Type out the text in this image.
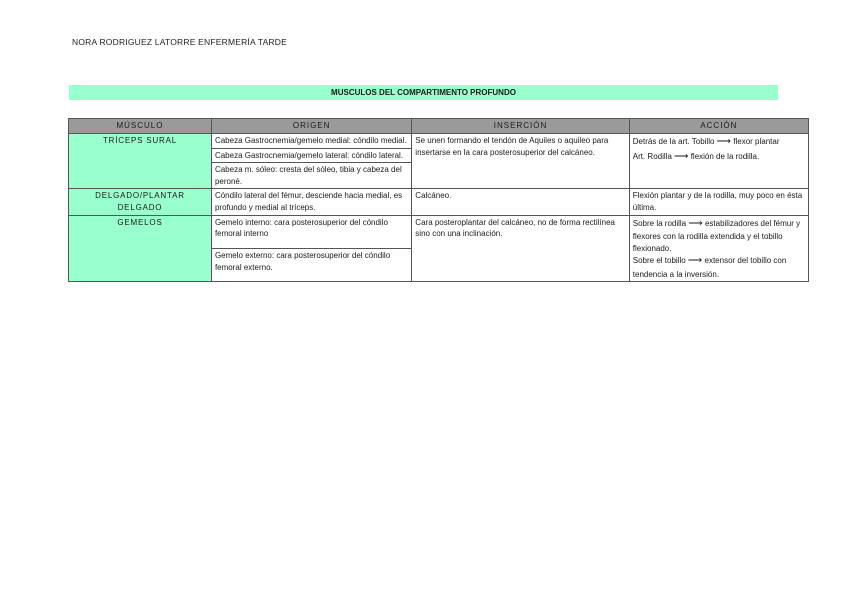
NORA RODRIGUEZ LATORRE ENFERMERÍA TARDE
MUSCULOS DEL COMPARTIMENTO PROFUNDO
MÚSCULO	ORIGEN	INSERCIÓN	ACCIÓN
TRÍCEPS SURAL	Cabeza Gastrocnemia/gemelo medial: cóndilo medial.	Se unen formando el tendón de Aquiles o aquileo para insertarse en la cara posterosuperior del calcáneo.	Detrás de la art. Tobillo ⟶ flexor plantar
Art. Rodilla ⟶ flexión de la rodilla.

	Cabeza Gastrocnemia/gemelo lateral: cóndilo lateral.		
	Cabeza m. sóleo: cresta del sóleo, tibia y cabeza del peroné.		
DELGADO/PLANTAR DELGADO	Cóndilo lateral del fémur, desciende hacia medial, es profundo y medial al tríceps.	Calcáneo.	Flexión plantar y de la rodilla, muy poco en ésta última.
GEMELOS	Gemelo interno: cara posterosuperior del cóndilo femoral interno	Cara posteroplantar del calcáneo, no de forma rectilínea sino con una inclinación.	Sobre la rodilla ⟶ estabilizadores del fémur y flexores con la rodilla extendida y el tobillo flexionado.
Sobre el tobillo ⟶ extensor del tobillo con tendencia a la inversión.

	Gemelo externo: cara posterosuperior del cóndilo femoral externo.		
